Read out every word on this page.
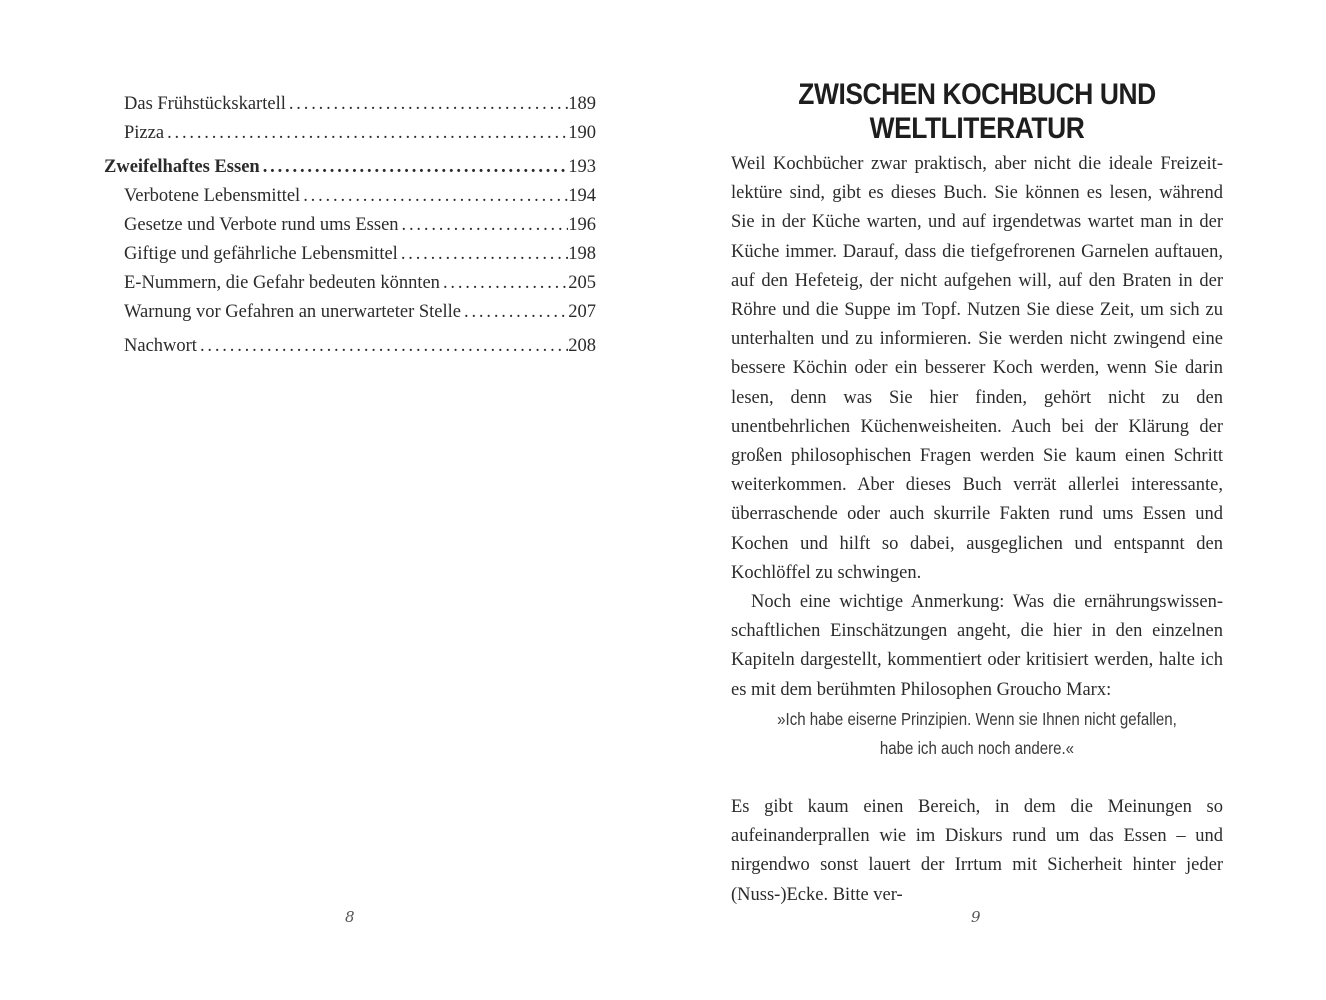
Das Frühstückskartell . . .	189
Pizza . . .	190
Zweifelhaftes Essen . . .	193
Verbotene Lebensmittel . . .	194
Gesetze und Verbote rund ums Essen . . .	196
Giftige und gefährliche Lebensmittel . . .	198
E-Nummern, die Gefahr bedeuten könnten . . .	205
Warnung vor Gefahren an unerwarteter Stelle . . .	207
Nachwort . . .	208
8
ZWISCHEN KOCHBUCH UND WELTLITERATUR

Weil Kochbücher zwar praktisch, aber nicht die ideale Freizeitlektüre sind, gibt es dieses Buch. Sie können es lesen, während Sie in der Küche warten, und auf irgendetwas wartet man in der Küche immer. Darauf, dass die tiefgefrorenen Garnelen auftauen, auf den Hefeteig, der nicht aufgehen will, auf den Braten in der Röhre und die Suppe im Topf. Nutzen Sie diese Zeit, um sich zu unterhalten und zu informieren. Sie werden nicht zwingend eine bessere Köchin oder ein besserer Koch werden, wenn Sie darin lesen, denn was Sie hier finden, gehört nicht zu den unentbehrlichen Küchenweisheiten. Auch bei der Klärung der großen philosophischen Fragen werden Sie kaum einen Schritt weiterkommen. Aber dieses Buch verrät allerlei interessante, überraschende oder auch skurrile Fakten rund ums Essen und Kochen und hilft so dabei, ausgeglichen und entspannt den Kochlöffel zu schwingen.

Noch eine wichtige Anmerkung: Was die ernährungswissenschaftlichen Einschätzungen angeht, die hier in den einzelnen Kapiteln dargestellt, kommentiert oder kritisiert werden, halte ich es mit dem berühmten Philosophen Groucho Marx:

»Ich habe eiserne Prinzipien. Wenn sie Ihnen nicht gefallen,
habe ich auch noch andere.«

Es gibt kaum einen Bereich, in dem die Meinungen so aufeinanderprallen wie im Diskurs rund um das Essen – und nirgendwo sonst lauert der Irrtum mit Sicherheit hinter jeder (Nuss-)Ecke. Bitte ver-

9
